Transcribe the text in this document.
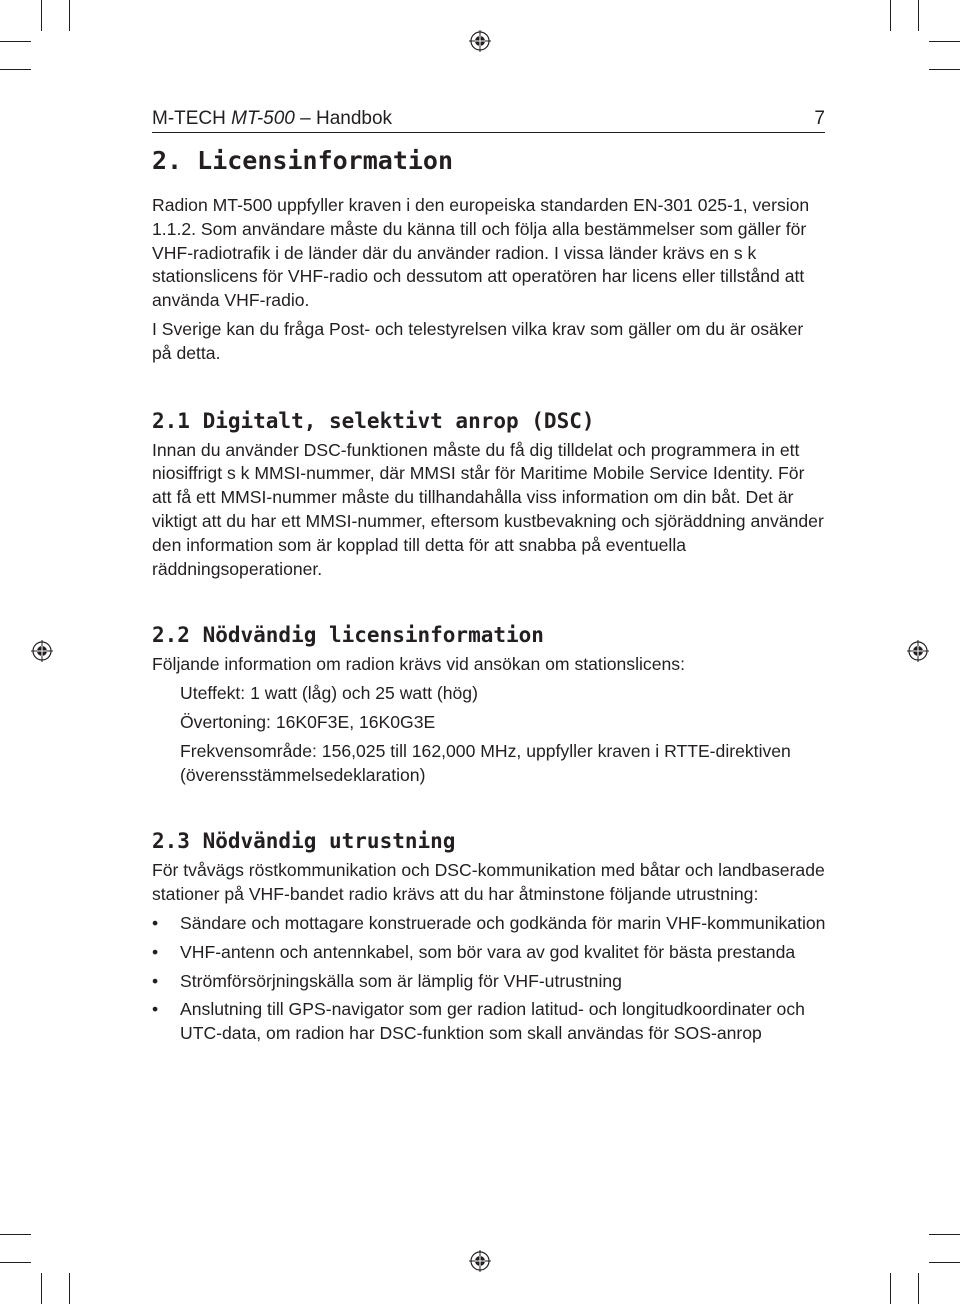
M-TECH MT-500 – Handbok	7
2. Licensinformation

Radion MT-500 uppfyller kraven i den europeiska standarden EN-301 025-1, version 1.1.2. Som användare måste du känna till och följa alla bestämmelser som gäller för VHF-radiotrafik i de länder där du använder radion. I vissa länder krävs en s k stationslicens för VHF-radio och dessutom att operatören har licens eller tillstånd att använda VHF-radio.

I Sverige kan du fråga Post- och telestyrelsen vilka krav som gäller om du är osäker på detta.

2.1 Digitalt, selektivt anrop (DSC)

Innan du använder DSC-funktionen måste du få dig tilldelat och programmera in ett niosiffrigt s k MMSI-nummer, där MMSI står för Maritime Mobile Service Identity. För att få ett MMSI-nummer måste du tillhandahålla viss information om din båt. Det är viktigt att du har ett MMSI-nummer, eftersom kustbevakning och sjöräddning använder den information som är kopplad till detta för att snabba på eventuella räddningsoperationer.

2.2 Nödvändig licensinformation

Följande information om radion krävs vid ansökan om stationslicens:

Uteffekt: 1 watt (låg) och 25 watt (hög)
Övertoning: 16K0F3E, 16K0G3E
Frekvensområde: 156,025 till 162,000 MHz, uppfyller kraven i RTTE-direktiven (överensstämmelsedeklaration)
2.3 Nödvändig utrustning

För tvåvägs röstkommunikation och DSC-kommunikation med båtar och landbaserade stationer på VHF-bandet radio krävs att du har åtminstone följande utrustning:

• Sändare och mottagare konstruerade och godkända för marin VHF-kommunikation
• VHF-antenn och antennkabel, som bör vara av god kvalitet för bästa prestanda
• Strömförsörjningskälla som är lämplig för VHF-utrustning
• Anslutning till GPS-navigator som ger radion latitud- och longitudkoordinater och UTC-data, om radion har DSC-funktion som skall användas för SOS-anrop
